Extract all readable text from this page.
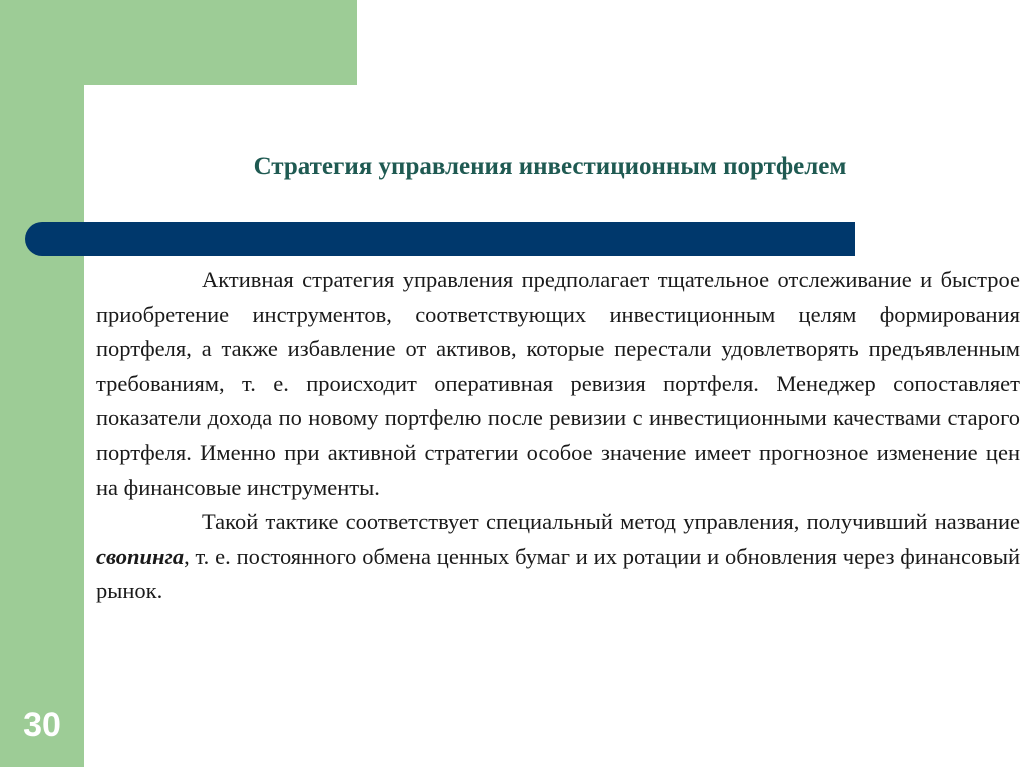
Стратегия управления инвестиционным портфелем

Активная стратегия управления предполагает тщательное отслеживание и быстрое приобретение инструментов, соответствующих инвестиционным целям формирования портфеля, а также избавление от активов, которые перестали удовлетворять предъявленным требованиям, т. е. происходит оперативная ревизия портфеля. Менеджер сопоставляет показатели дохода по новому портфелю после ревизии с инвестиционными качествами старого портфеля. Именно при активной стратегии особое значение имеет прогнозное изменение цен на финансовые инструменты.

Такой тактике соответствует специальный метод управления, получивший название свопинга, т. е. постоянного обмена ценных бумаг и их ротации и обновления через финансовый рынок.

30
